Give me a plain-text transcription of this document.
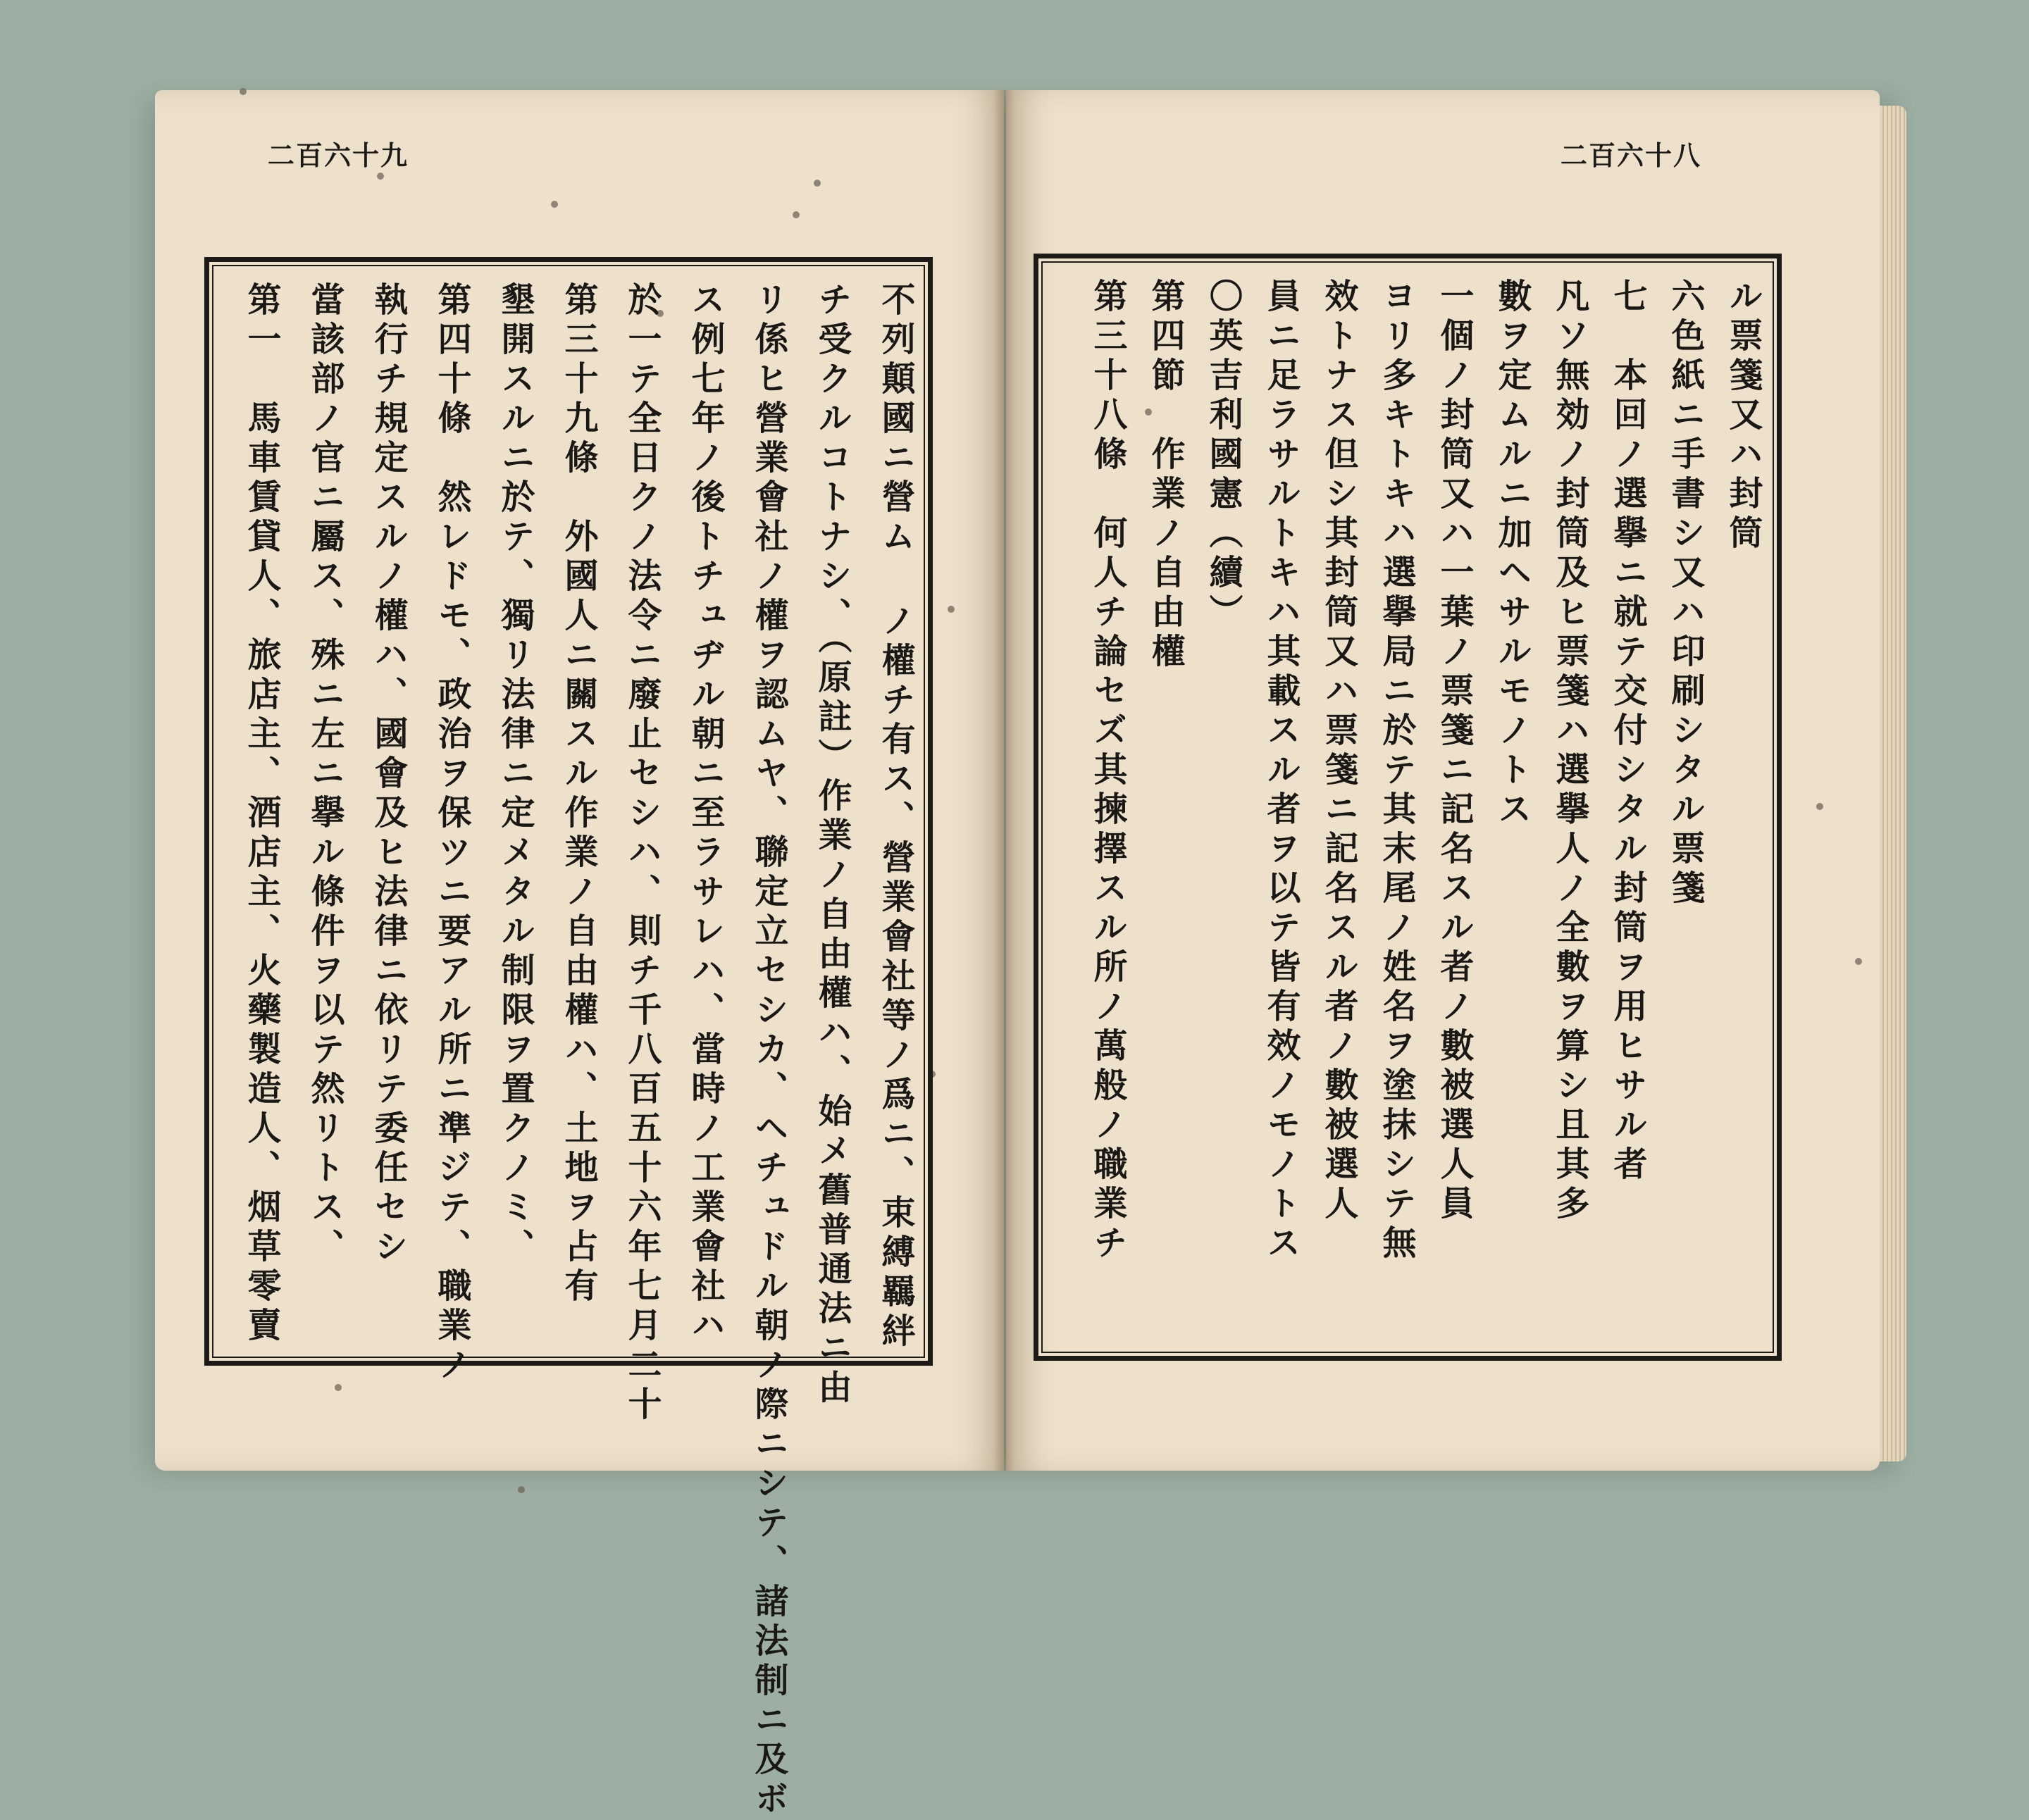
二百六十九	二百六十八
不列顛國ニ營ム ノ權チ有ス、營業會社等ノ爲ニ、束縛羈絆
チ受クルコトナシ、（原註）作業ノ自由權ハ、始メ舊普通法ニ由
リ係ヒ營業會社ノ權ヲ認ムヤ、聯定立セシカ、ヘチュドル朝ノ際ニシテ、諸法制ニ及ボ
ス例七年ノ後トチュヂル朝ニ至ラサレハ、當時ノ工業會社ハ
於一テ全日クノ法令ニ廢止セシハ、則チ千八百五十六年七月二十
第三十九條　外國人ニ關スル作業ノ自由權ハ、土地ヲ占有
墾開スルニ於テ、獨リ法律ニ定メタル制限ヲ置クノミ、
第四十條　然レドモ、政治ヲ保ツニ要アル所ニ準ジテ、職業ノ
執行チ規定スルノ權ハ、國會及ヒ法律ニ依リテ委任セシ
當該部ノ官ニ屬ス、殊ニ左ニ擧ル條件ヲ以テ然リトス、
第一　馬車賃貸人、旅店主、酒店主、火藥製造人、烟草零賣	ル票箋又ハ封筒
六色紙ニ手書シ又ハ印刷シタル票箋
七　本回ノ選擧ニ就テ交付シタル封筒ヲ用ヒサル者
凡ソ無効ノ封筒及ヒ票箋ハ選擧人ノ全數ヲ算シ且其多
數ヲ定ムルニ加ヘサルモノトス
一個ノ封筒又ハ一葉ノ票箋ニ記名スル者ノ數被選人員
ヨリ多キトキハ選擧局ニ於テ其末尾ノ姓名ヲ塗抹シテ無
效トナス但シ其封筒又ハ票箋ニ記名スル者ノ數被選人
員ニ足ラサルトキハ其載スル者ヲ以テ皆有效ノモノトス
〇英吉利國憲（續）
第四節　作業ノ自由權
第三十八條　何人チ論セズ其揀擇スル所ノ萬般ノ職業チ
